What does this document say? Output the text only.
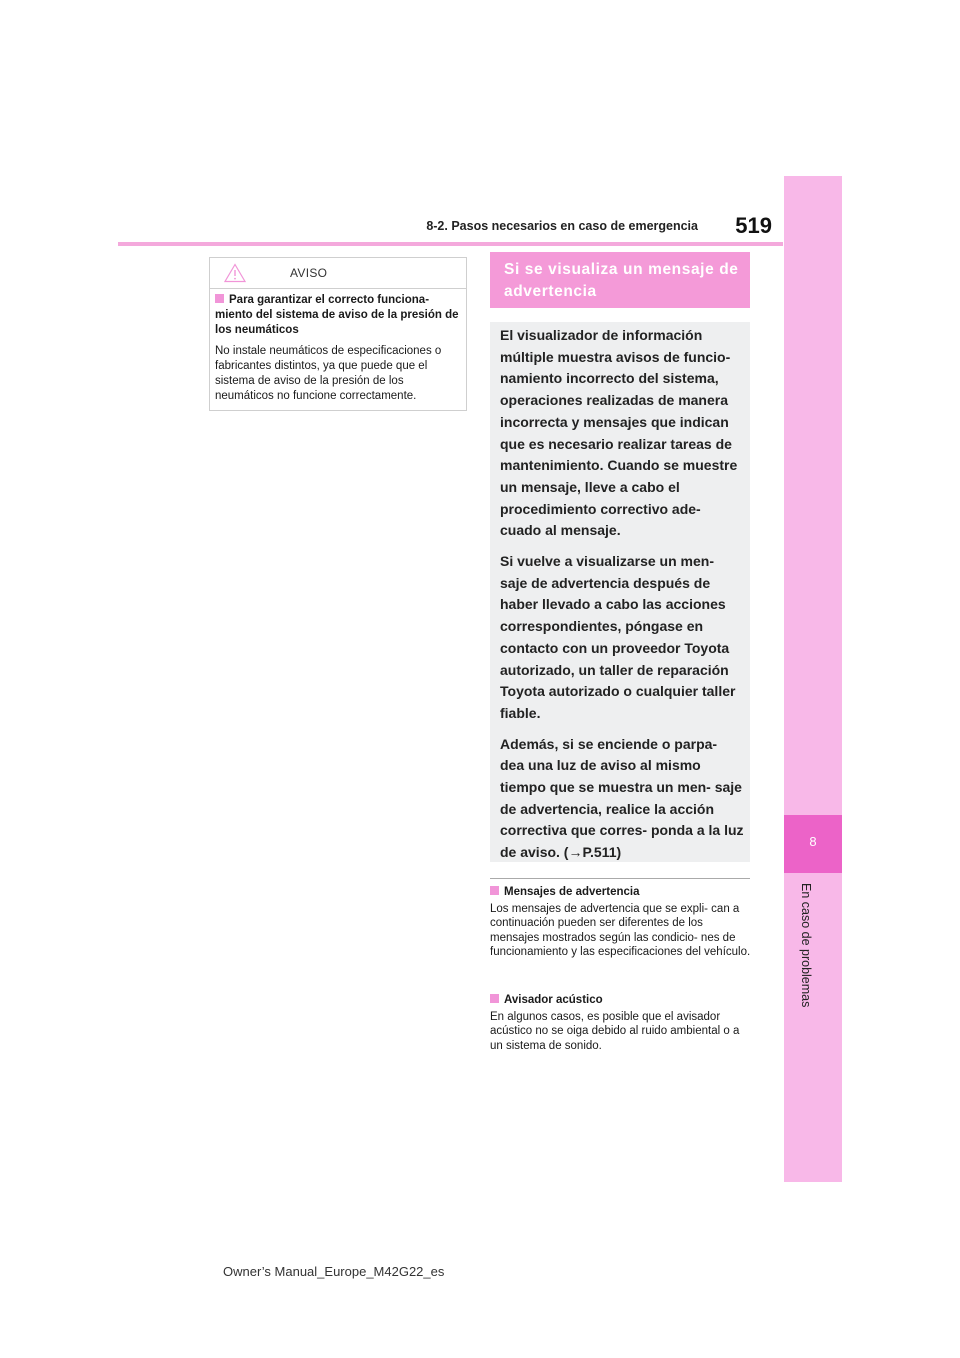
8-2. Pasos necesarios en caso de emergencia	519
8
En caso de problemas
AVISO
Para garantizar el correcto funciona- miento del sistema de aviso de la presión de los neumáticos
No instale neumáticos de especificaciones o fabricantes distintos, ya que puede que el sistema de aviso de la presión de los neumáticos no funcione correctamente.
Si se visualiza un mensaje de advertencia

El visualizador de información múltiple muestra avisos de funcio- namiento incorrecto del sistema, operaciones realizadas de manera incorrecta y mensajes que indican que es necesario realizar tareas de mantenimiento. Cuando se muestre un mensaje, lleve a cabo el procedimiento correctivo ade- cuado al mensaje.

Si vuelve a visualizarse un men- saje de advertencia después de haber llevado a cabo las acciones correspondientes, póngase en contacto con un proveedor Toyota autorizado, un taller de reparación Toyota autorizado o cualquier taller fiable.

Además, si se enciende o parpa- dea una luz de aviso al mismo tiempo que se muestra un men- saje de advertencia, realice la acción correctiva que corres- ponda a la luz de aviso. (→P.511)

Mensajes de advertencia
Los mensajes de advertencia que se expli- can a continuación pueden ser diferentes de los mensajes mostrados según las condicio- nes de funcionamiento y las especificaciones del vehículo.
Avisador acústico
En algunos casos, es posible que el avisador acústico no se oiga debido al ruido ambiental o a un sistema de sonido.
Owner’s Manual_Europe_M42G22_es
